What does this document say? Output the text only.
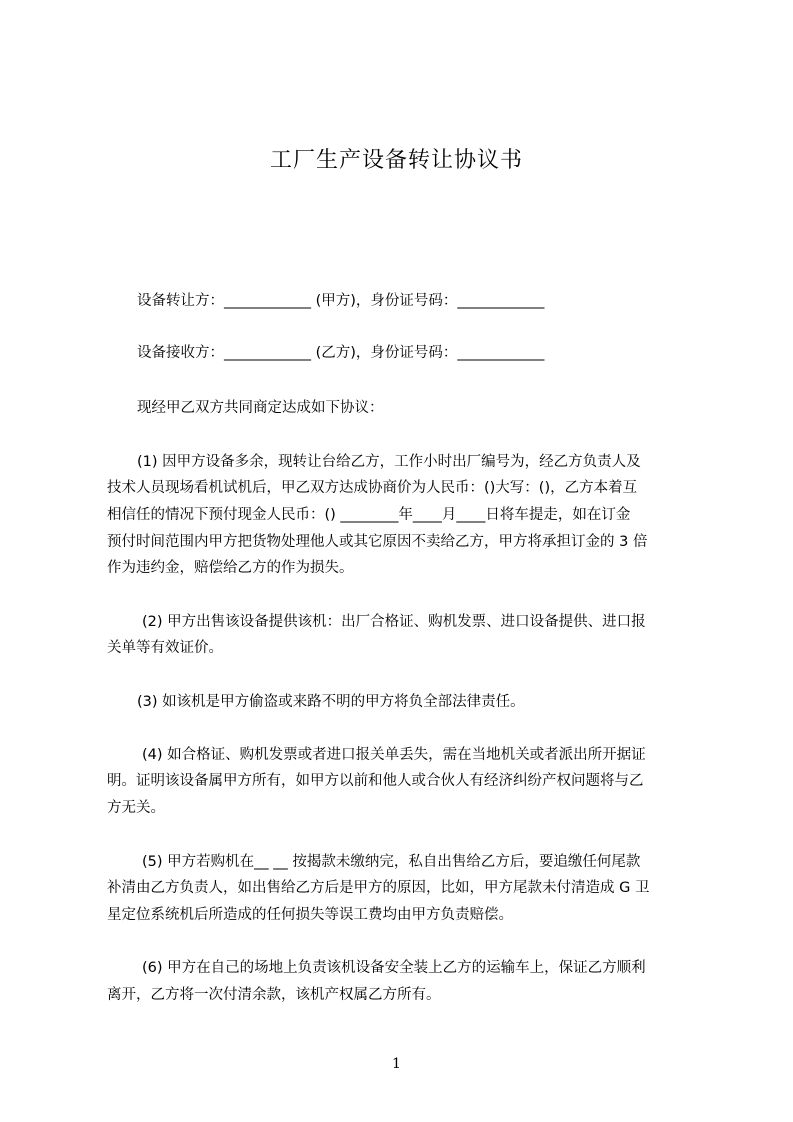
工厂生产设备转让协议书
设备转让方：____________ (甲方)，身份证号码：____________
设备接收方：____________ (乙方)，身份证号码：____________
现经甲乙双方共同商定达成如下协议：
(1) 因甲方设备多余，现转让台给乙方，工作小时出厂编号为，经乙方负责人及
技术人员现场看机试机后，甲乙双方达成协商价为人民币：()大写：()，乙方本着互
相信任的情况下预付现金人民币：() ________年____月____日将车提走，如在订金
预付时间范围内甲方把货物处理他人或其它原因不卖给乙方，甲方将承担订金的 3 倍
作为违约金，赔偿给乙方的作为损失。
(2) 甲方出售该设备提供该机：出厂合格证、购机发票、进口设备提供、进口报
关单等有效证价。
(3) 如该机是甲方偷盗或来路不明的甲方将负全部法律责任。
(4) 如合格证、购机发票或者进口报关单丢失，需在当地机关或者派出所开据证
明。证明该设备属甲方所有，如甲方以前和他人或合伙人有经济纠纷产权问题将与乙
方无关。
(5) 甲方若购机在__ __ 按揭款未缴纳完，私自出售给乙方后，要追缴任何尾款
补清由乙方负责人，如出售给乙方后是甲方的原因，比如，甲方尾款未付清造成 G 卫
星定位系统机后所造成的任何损失等误工费均由甲方负责赔偿。
(6) 甲方在自己的场地上负责该机设备安全装上乙方的运输车上，保证乙方顺利
离开，乙方将一次付清余款，该机产权属乙方所有。
1
